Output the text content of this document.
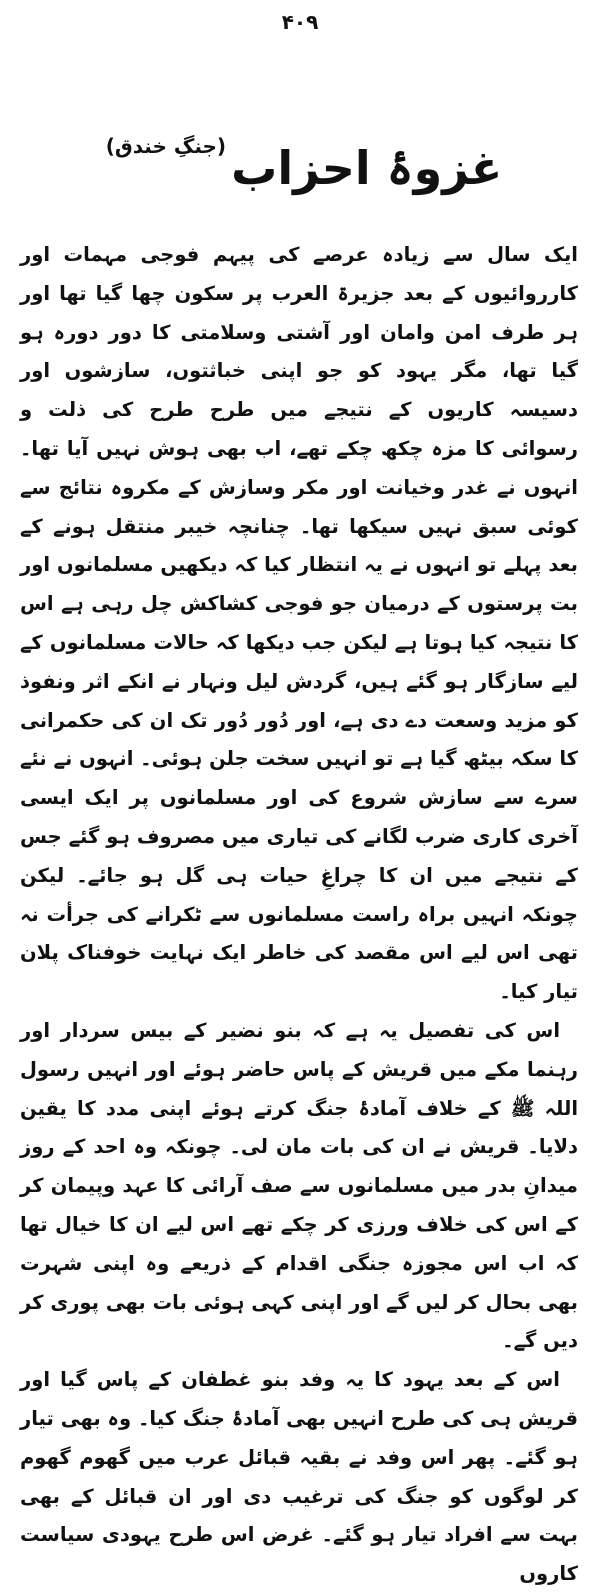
۴۰۹
غزوۂ احزاب (جنگِ خندق)

ایک سال سے زیادہ عرصے کی پیہم فوجی مہمات اور کارروائیوں کے بعد جزیرۃ العرب پر سکون چھا گیا تھا اور ہر طرف امن وامان اور آشتی وسلامتی کا دور دورہ ہو گیا تھا، مگر یہود کو جو اپنی خباثتوں، سازشوں اور دسیسہ کاریوں کے نتیجے میں طرح طرح کی ذلت و رسوائی کا مزہ چکھ چکے تھے، اب بھی ہوش نہیں آیا تھا۔ انہوں نے غدر وخیانت اور مکر وسازش کے مکروہ نتائج سے کوئی سبق نہیں سیکھا تھا۔ چنانچہ خیبر منتقل ہونے کے بعد پہلے تو انہوں نے یہ انتظار کیا کہ دیکھیں مسلمانوں اور بت پرستوں کے درمیان جو فوجی کشاکش چل رہی ہے اس کا نتیجہ کیا ہوتا ہے لیکن جب دیکھا کہ حالات مسلمانوں کے لیے سازگار ہو گئے ہیں، گردش لیل ونہار نے انکے اثر ونفوذ کو مزید وسعت دے دی ہے، اور دُور دُور تک ان کی حکمرانی کا سکہ بیٹھ گیا ہے تو انہیں سخت جلن ہوئی۔ انہوں نے نئے سرے سے سازش شروع کی اور مسلمانوں پر ایک ایسی آخری کاری ضرب لگانے کی تیاری میں مصروف ہو گئے جس کے نتیجے میں ان کا چراغِ حیات ہی گل ہو جائے۔ لیکن چونکہ انہیں براہ راست مسلمانوں سے ٹکرانے کی جرأت نہ تھی اس لیے اس مقصد کی خاطر ایک نہایت خوفناک پلان تیار کیا۔

اس کی تفصیل یہ ہے کہ بنو نضیر کے بیس سردار اور رہنما مکے میں قریش کے پاس حاضر ہوئے اور انہیں رسول اللہ ﷺ کے خلاف آمادۂ جنگ کرتے ہوئے اپنی مدد کا یقین دلایا۔ قریش نے ان کی بات مان لی۔ چونکہ وہ احد کے روز میدانِ بدر میں مسلمانوں سے صف آرائی کا عہد وپیمان کر کے اس کی خلاف ورزی کر چکے تھے اس لیے ان کا خیال تھا کہ اب اس مجوزہ جنگی اقدام کے ذریعے وہ اپنی شہرت بھی بحال کر لیں گے اور اپنی کہی ہوئی بات بھی پوری کر دیں گے۔

اس کے بعد یہود کا یہ وفد بنو غطفان کے پاس گیا اور قریش ہی کی طرح انہیں بھی آمادۂ جنگ کیا۔ وہ بھی تیار ہو گئے۔ پھر اس وفد نے بقیہ قبائل عرب میں گھوم گھوم کر لوگوں کو جنگ کی ترغیب دی اور ان قبائل کے بھی بہت سے افراد تیار ہو گئے۔ غرض اس طرح یہودی سیاست کاروں
